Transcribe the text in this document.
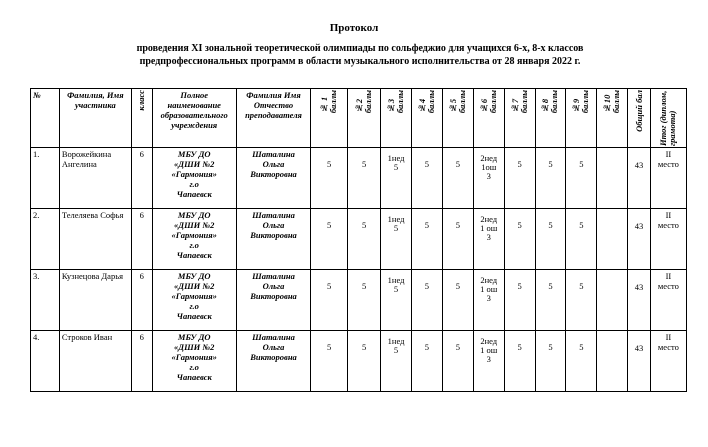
Протокол
проведения XI зональной теоретической олимпиады по сольфеджио для учащихся 6-х, 8-х классов
предпрофессиональных программ в области музыкального исполнительства от 28 января 2022 г.
№	Фамилия, Имя участника	класс	Полное наименование образовательного учреждения	Фамилия Имя Отчество преподавателя	№ 1
баллы	№2
баллы	№3
баллы	№4
баллы	№5
баллы	№6
баллы	№7
баллы	№8
баллы	№9
баллы	№10
баллы	Общий бал	Итог (диплом, грамота)

1.	Ворожейкина Ангелина	6	МБУ ДО
«ДШИ №2
«Гармония»
г.о
Чапаевск	Шаталина
Ольга
Викторовна	5	5	1нед
5	5	5	2нед
1ош
3	5	5	5		43	II
место
2.	Телеляева Софья	6	МБУ ДО
«ДШИ №2
«Гармония»
г.о
Чапаевск	Шаталина
Ольга
Викторовна	5	5	1нед
5	5	5	2нед
1 ош
3	5	5	5		43	II
место
3.	Кузнецова Дарья	6	МБУ ДО
«ДШИ №2
«Гармония»
г.о
Чапаевск	Шаталина
Ольга
Викторовна	5	5	1нед
5	5	5	2нед
1 ош
3	5	5	5		43	II
место
4.	Строков Иван	6	МБУ ДО
«ДШИ №2
«Гармония»
г.о
Чапаевск	Шаталина
Ольга
Викторовна	5	5	1нед
5	5	5	2нед
1 ош
3	5	5	5		43	II
место
